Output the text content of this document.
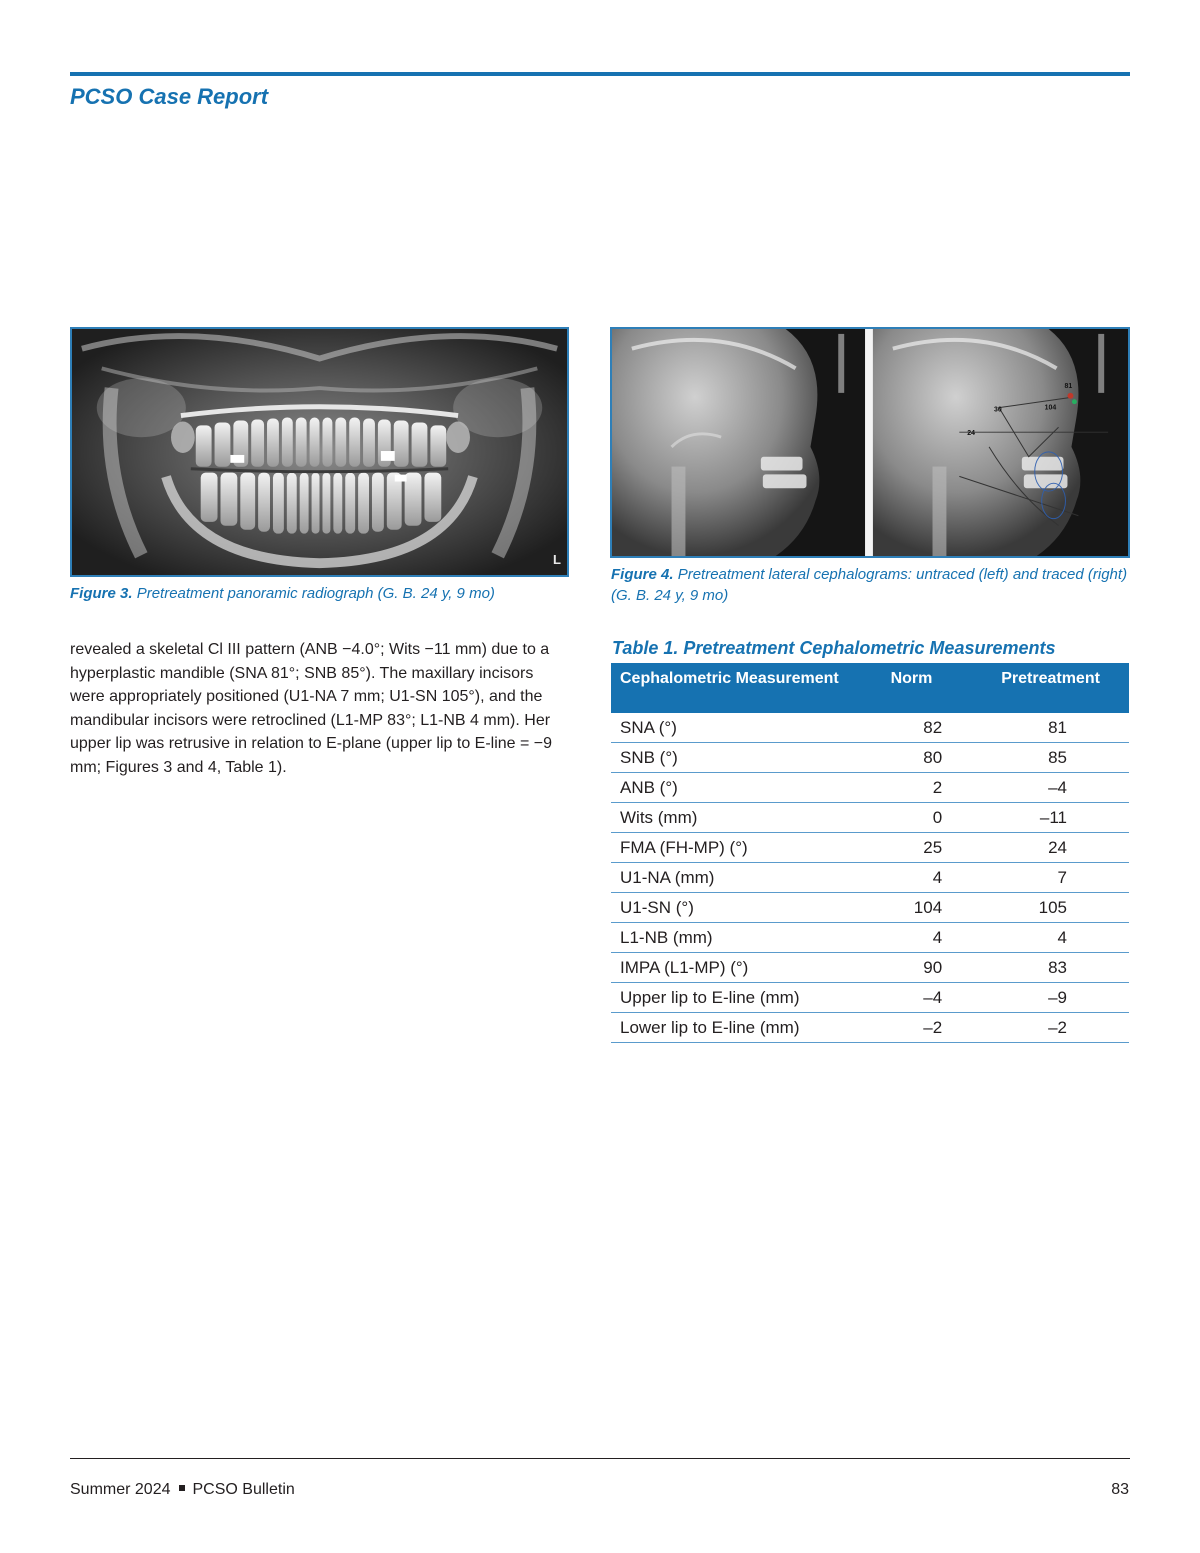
PCSO Case Report
L

Figure 3. Pretreatment panoramic radiograph (G. B. 24 y, 9 mo)

30	104
24
81

Figure 4. Pretreatment lateral cephalograms: untraced (left) and traced (right) (G. B. 24 y, 9 mo)

revealed a skeletal Cl III pattern (ANB −4.0°; Wits −11 mm) due to a hyperplastic mandible (SNA 81°; SNB 85°). The maxillary incisors were appropriately positioned (U1-NA 7 mm; U1-SN 105°), and the mandibular incisors were retroclined (L1-MP 83°; L1-NB 4 mm). Her upper lip was retrusive in relation to E-plane (upper lip to E-line = −9 mm; Figures 3 and 4, Table 1).

Table 1. Pretreatment Cephalometric Measurements
Cephalometric Measurement	Norm	Pretreatment
SNA (°)	82	81
SNB (°)	80	85
ANB (°)	2	–4
Wits (mm)	0	–11
FMA (FH-MP) (°)	25	24
U1-NA (mm)	4	7
U1-SN (°)	104	105
L1-NB (mm)	4	4
IMPA (L1-MP) (°)	90	83
Upper lip to E-line (mm)	–4	–9
Lower lip to E-line (mm)	–2	–2
Summer 2024 PCSO Bulletin	83
